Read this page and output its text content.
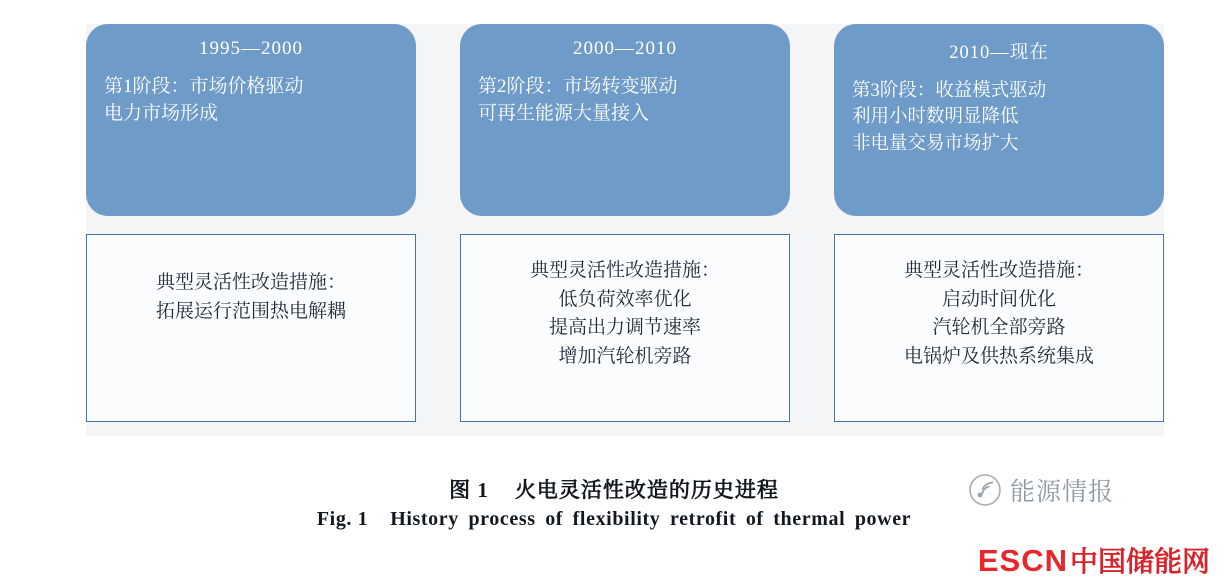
1995—2000
第1阶段：市场价格驱动
电力市场形成
典型灵活性改造措施：
拓展运行范围热电解耦
2000—2010
第2阶段：市场转变驱动
可再生能源大量接入
典型灵活性改造措施：
低负荷效率优化
提高出力调节速率
增加汽轮机旁路
2010—现在
第3阶段：收益模式驱动
利用小时数明显降低
非电量交易市场扩大
典型灵活性改造措施：
启动时间优化
汽轮机全部旁路
电锅炉及供热系统集成
图 1 火电灵活性改造的历史进程
Fig. 1 History process of flexibility retrofit of thermal power
能源情报
ESCN 中国储能网
